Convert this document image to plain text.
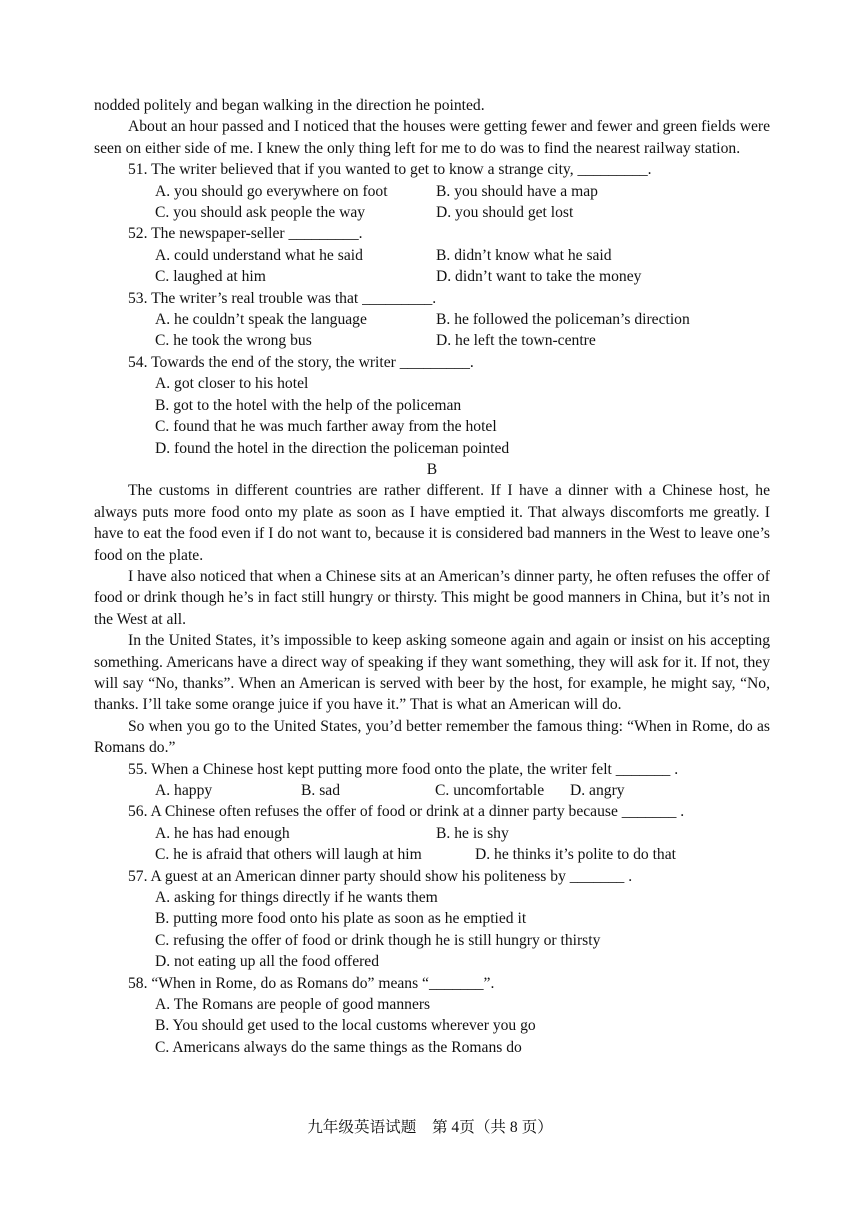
nodded politely and began walking in the direction he pointed.

About an hour passed and I noticed that the houses were getting fewer and fewer and green fields were seen on either side of me. I knew the only thing left for me to do was to find the nearest railway station.

51. The writer believed that if you wanted to get to know a strange city, _________.

A. you should go everywhere on foot	B. you should have a map
C. you should ask people the way	D. you should get lost

52. The newspaper-seller _________.

A. could understand what he said	B. didn’t know what he said
C. laughed at him	D. didn’t want to take the money

53. The writer’s real trouble was that _________.

A. he couldn’t speak the language	B. he followed the policeman’s direction
C. he took the wrong bus	D. he left the town-centre

54. Towards the end of the story, the writer _________.

A. got closer to his hotel
B. got to the hotel with the help of the policeman
C. found that he was much farther away from the hotel
D. found the hotel in the direction the policeman pointed
B

The customs in different countries are rather different. If I have a dinner with a Chinese host, he always puts more food onto my plate as soon as I have emptied it. That always discomforts me greatly. I have to eat the food even if I do not want to, because it is considered bad manners in the West to leave one’s food on the plate.

I have also noticed that when a Chinese sits at an American’s dinner party, he often refuses the offer of food or drink though he’s in fact still hungry or thirsty. This might be good manners in China, but it’s not in the West at all.

In the United States, it’s impossible to keep asking someone again and again or insist on his accepting something. Americans have a direct way of speaking if they want something, they will ask for it. If not, they will say “No, thanks”. When an American is served with beer by the host, for example, he might say, “No, thanks. I’ll take some orange juice if you have it.” That is what an American will do.

So when you go to the United States, you’d better remember the famous thing: “When in Rome, do as Romans do.”

55. When a Chinese host kept putting more food onto the plate, the writer felt _______ .

A. happy	B. sad	C. uncomfortable	D. angry

56. A Chinese often refuses the offer of food or drink at a dinner party because _______ .

A. he has had enough	B. he is shy
C. he is afraid that others will laugh at him	D. he thinks it’s polite to do that

57. A guest at an American dinner party should show his politeness by _______ .

A. asking for things directly if he wants them
B. putting more food onto his plate as soon as he emptied it
C. refusing the offer of food or drink though he is still hungry or thirsty
D. not eating up all the food offered

58. “When in Rome, do as Romans do” means “_______”.

A. The Romans are people of good manners
B. You should get used to the local customs wherever you go
C. Americans always do the same things as the Romans do
九年级英语试题　第 4页（共 8 页）
